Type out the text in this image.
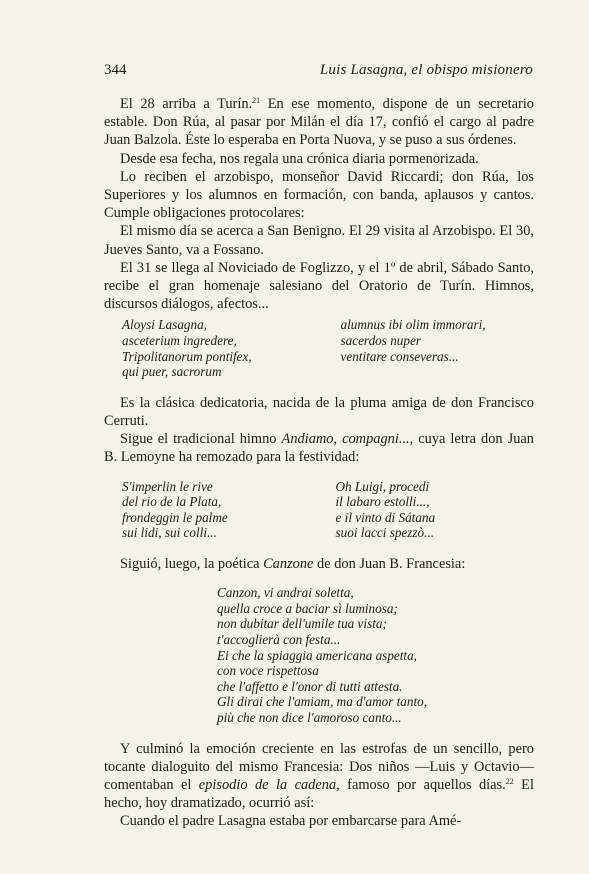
344	Luis Lasagna, el obispo misionero

El 28 arriba a Turín.$^{21}$ En ese momento, dispone de un secretario estable. Don Rúa, al pasar por Milán el día 17, confió el cargo al padre Juan Balzola. Éste lo esperaba en Porta Nuova, y se puso a sus órdenes.

Desde esa fecha, nos regala una crónica diaria pormenorizada.

Lo reciben el arzobispo, monseñor David Riccardi; don Rúa, los Superiores y los alumnos en formación, con banda, aplausos y cantos. Cumple obligaciones protocolares:

El mismo día se acerca a San Benigno. El 29 visita al Arzobispo. El 30, Jueves Santo, va a Fossano.

El 31 se llega al Noviciado de Foglizzo, y el 1º de abril, Sábado Santo, recibe el gran homenaje salesiano del Oratorio de Turín. Himnos, discursos diálogos, afectos...

Aloysi Lasagna,
asceterium ingredere,
Tripolitanorum pontifex,
qui puer, sacrorum
alumnus ibi olim immorari,
sacerdos nuper
ventitare conseveras...

Es la clásica dedicatoria, nacida de la pluma amiga de don Francisco Cerruti.

Sigue el tradicional himno Andiamo, compagni..., cuya letra don Juan B. Lemoyne ha remozado para la festividad:

S'imperlin le rive
del rio de la Plata,
frondeggin le palme
sui lidi, sui colli...
Oh Luigi, procedi
il labaro estolli...,
e il vinto di Sátana
suoi lacci spezzò...

Siguió, luego, la poética Canzone de don Juan B. Francesia:

Canzon, vi andrai soletta,
quella croce a baciar sì luminosa;
non dubitar dell'umile tua vista;
t'accoglierà con festa...
Ei che la spiaggia americana aspetta,
con voce rispettosa
che l'affetto e l'onor di tutti attesta.
Gli dirai che l'amiam, ma d'amor tanto,
più che non dice l'amoroso canto...

Y culminó la emoción creciente en las estrofas de un sencillo, pero tocante dialoguito del mismo Francesia: Dos niños —Luis y Octavio— comentaban el episodio de la cadena, famoso por aquellos días.$^{22}$ El hecho, hoy dramatizado, ocurrió así:

Cuando el padre Lasagna estaba por embarcarse para Amé-
